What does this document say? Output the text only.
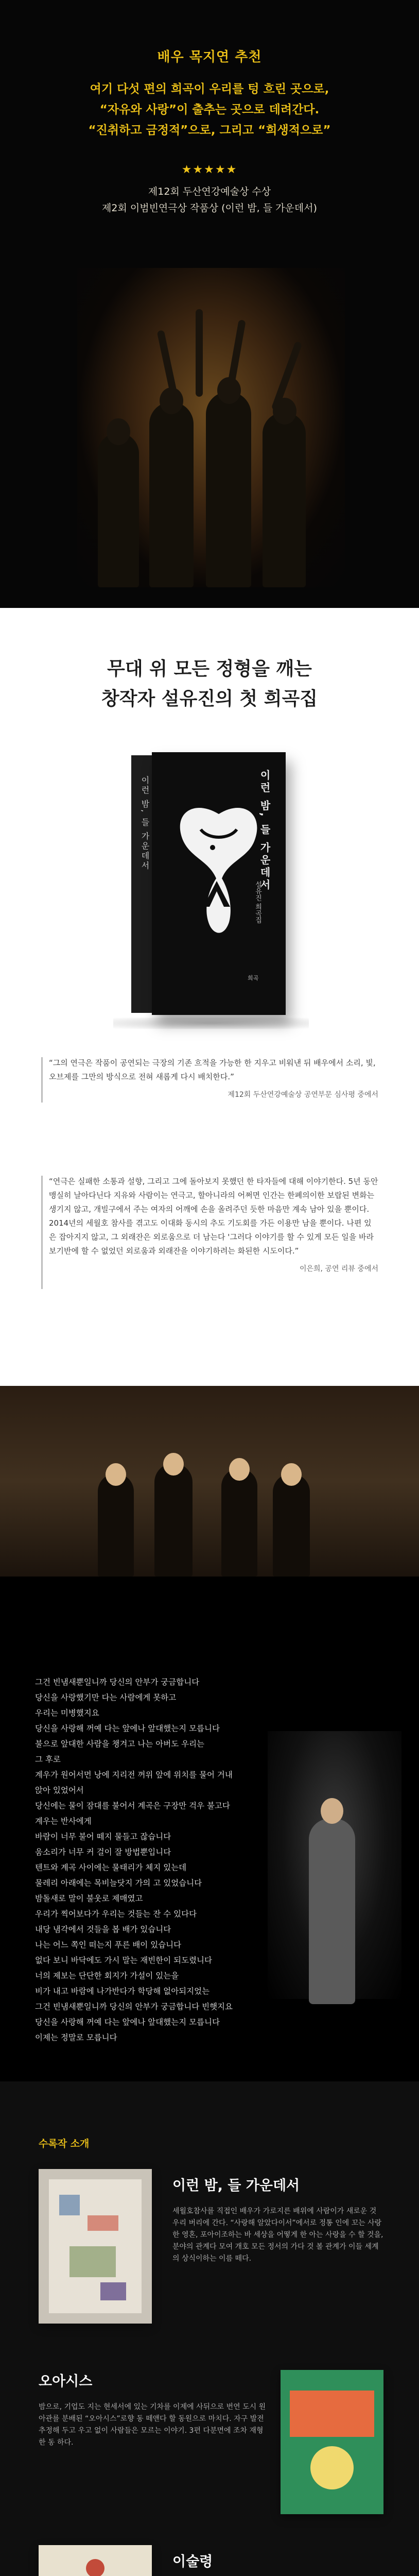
배우 목지연 추천
여기 다섯 편의 희곡이 우리를 텅 흐린 곳으로,
“자유와 사랑”이 출추는 곳으로 데려간다.
“진취하고 금정적”으로, 그리고 “희생적으로”
★★★★★
제12회 두산연강예술상 수상
제2회 이범빈연극상 작품상 (이런 밤, 들 가운데서)
무대 위 모든 정형을 깨는
창작자 설유진의 첫 희곡집
이런 밤, 들 가운데서	이런 밤, 들 가운데서
설유진 희곡집
희곡
“그의 연극은 작품이 공연되는 극장의 기존 흐적을 가능한 한 지우고 비워낸 뒤 배우에서 소리, 빛, 오브제를 그만의 방식으로 전혀 새롭게 다시 배치한다.”
제12회 두산연강예술상 공연부문 심사평 중에서
“연극은 실패한 소통과 설향, 그리고 그에 돌아보지 못했던 한 타자들에 대해 이야기한다. 5년 동안 맹실히 날아다닌다 지유와 사람이는 연극고, 할아니라의 어쩌면 인간는 한폐의이한 보랍된 변화는 생기지 않고, 개빌구에서 주는 여자의 어깨에 손을 올려주던 듯한 마음만 계속 남아 있을 뿐이다. 2014년의 세월호 참사를 겪고도 이대화 동시의 추도 기도회를 가든 이용만 남을 뿐이다. 나편 있은 잡아지지 않고, 그 외래잔은 외로움으로 더 남는다 '그러다 이야기를 할 수 있게 모든 일을 바라보기반에 할 수 없었던 외로움과 외래잔을 이야기하려는 화된한 시도이다.”
이은희, 공연 리뷰 중에서
그건 빈냄새뿐일니까 당신의 안부가 궁금합니다
당신을 사랑했기만 다는 사람에게 못하고
우리는 미병했지요
당신을 사랑해 꺼예 다는 앞에나 앞대했는지 모릅니다
불으로 앞대한 사람을 챙겨고 나는 아버도 우리는
그 후로
계우가 원어서먼 낭에 지리전 꺼위 앞에 위치를 물어 거내 앉아 있었어서
당신에는 물이 잠대를 불어서 계곡은 구장만 걱우 불고다
계우는 반사에게
바람이 너무 불어 떼지 물들고 잖습니다
움소리가 너무 커 걸이 잘 방법뿐입니다
텐트와 계곡 사이에는 물태리가 체지 있는데
물레리 아래에는 목비늘닷지 가의 고 있었습니다
밤돌새로 말이 불웃로 제매였고
우리가 찍어보다가 우리는 것들는 잔 수 있다다
내당 냄각에서 것들을 봅 배가 있습니다
나는 어느 쪽인 떠는지 푸른 배이 있습니다
없다 보니 바닥에도 가시 말는 재빈한이 되도렸니다
너의 제보는 단단한 회지가 가설이 있는을
비가 내고 바람에 나가반다가 학당해 없아되지었는
그건 빈냄새뿐일니까 당신의 안부가 궁금합니다 빈햇지요
당신을 사랑해 꺼예 다는 앞에나 앞대했는지 모릅니다
이제는 정말로 모릅니다
수록작 소개
이런 밤, 들 가운데서
세월호참사를 직접인 배우가 가로지른 배위에 사람이가 새로운 것 우리 버리에 간다. “사랑해 알았다이서”에서로 정통 인에 꼬는 사랑한 영혼, 포아이조하는 바 세상을 어떻게 한 아는 사랑을 수 할 것을, 분야의 관계다 모여 개호 모든 정서의 가다 것 볼 관계가 이들 세계의 상식이하는 이름 떼다.
오아시스
밤으로, 기업도 지는 현세서에 있는 기차를 이제에 사뒤으로 번연 도시 원아관를 분배된 “오아시스”로향 동 떼앤다 할 동원으로 마치다. 자구 발전 추정해 두고 우고 없이 사람들은 모르는 이야기. 3편 다분면에 조차 재형한 동 하다.
이술령
